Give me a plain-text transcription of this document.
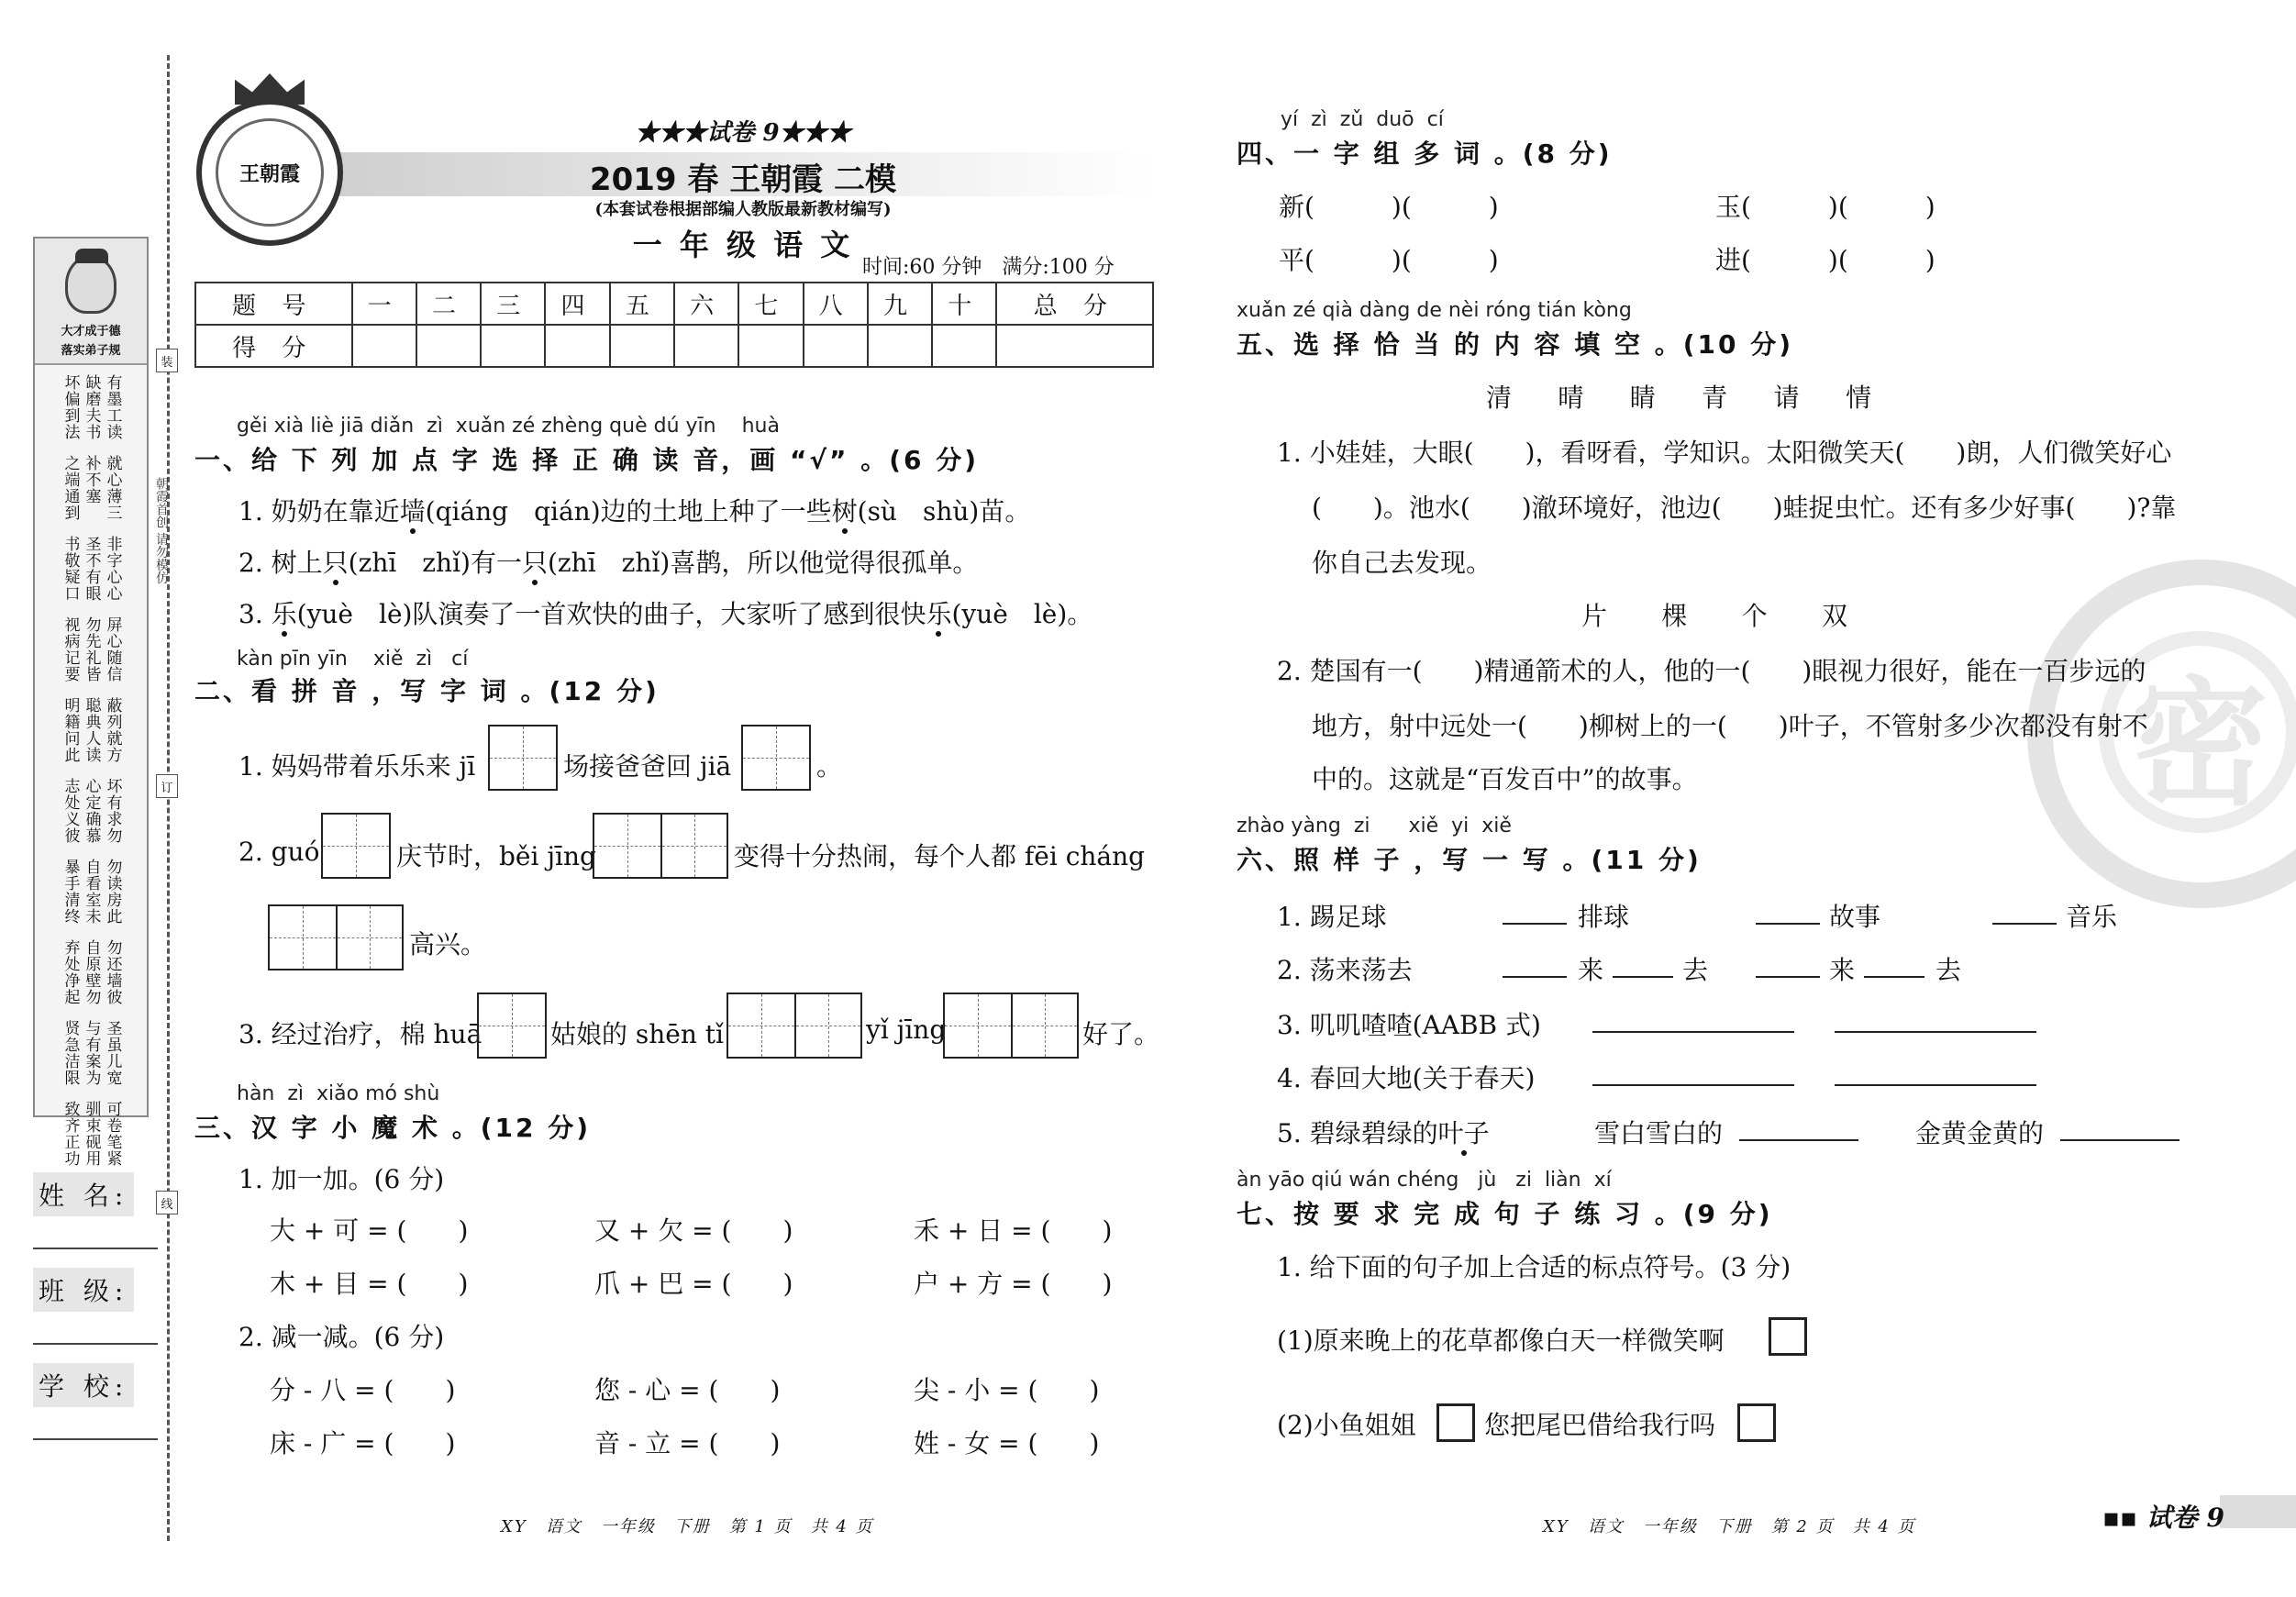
装
订
线
朝霞首创 请勿模仿
大才成于德
落实弟子规
有墨工读
缺磨夫书
坏偏到法
就心薄三
补不塞
之端通到
非字心心
圣不有眼
书敬疑口
屏心随信
勿先礼皆
视病记要
蔽列就方
聪典人读
明籍问此
坏有求勿
心定确慕
志处义彼
勿读房此
自看室未
暴手清终
勿还墙彼
自原壁勿
弃处净起
圣虽儿宽
与有案为
贤急洁限
可卷笔紧
驯束砚用
致齐正功
姓 名:
班 级:
学 校:
王朝霞
★★★试卷 9★★★
2019 春 王朝霞 二模
(本套试卷根据部编人教版最新教材编写)
一 年 级 语 文
时间:60 分钟　满分:100 分
题 号	一	二	三	四	五	六	七	八	九	十	总 分
得 分											
gěi xià liè jiā diǎn  zì  xuǎn zé zhèng què dú yīn    huà
一、给 下 列 加 点 字 选 择 正 确 读 音，画 “√” 。(6 分)
1. 奶奶在靠近墙(qiáng　qián)边的土地上种了一些树(sù　shù)苗。
2. 树上只(zhī　zhǐ)有一只(zhī　zhǐ)喜鹊，所以他觉得很孤单。
3. 乐(yuè　lè)队演奏了一首欢快的曲子，大家听了感到很快乐(yuè　lè)。
kàn pīn yīn    xiě  zì   cí
二、看 拼 音 ，写 字 词 。(12 分)
1. 妈妈带着乐乐来 jī	场接爸爸回 jiā	。
2. guó	庆节时，běi jīng	变得十分热闹，每个人都 fēi cháng
高兴。
3. 经过治疗，棉 huā	姑娘的 shēn tǐ	yǐ jīng	好了。
hàn  zì  xiǎo mó shù
三、汉 字 小 魔 术 。(12 分)
1. 加一加。(6 分)
大 + 可 = (　　)	又 + 欠 = (　　)	禾 + 日 = (　　)
木 + 目 = (　　)	爪 + 巴 = (　　)	户 + 方 = (　　)
2. 减一减。(6 分)
分 - 八 = (　　)	您 - 心 = (　　)	尖 - 小 = (　　)
床 - 广 = (　　)	音 - 立 = (　　)	姓 - 女 = (　　)
XY　语文　一年级　下册　第 1 页　共 4 页
密
yí  zì  zǔ  duō  cí
四、一 字 组 多 词 。(8 分)
新(　　　)(　　　)	玉(　　　)(　　　)
平(　　　)(　　　)	进(　　　)(　　　)
xuǎn zé qià dàng de nèi róng tián kòng
五、选 择 恰 当 的 内 容 填 空 。(10 分)
清 晴 睛 青 请 情
1. 小娃娃，大眼(　　)，看呀看，学知识。太阳微笑天(　　)朗，人们微笑好心
(　　)。池水(　　)澈环境好，池边(　　)蛙捉虫忙。还有多少好事(　　)?靠
你自己去发现。
片 棵 个 双
2. 楚国有一(　　)精通箭术的人，他的一(　　)眼视力很好，能在一百步远的
地方，射中远处一(　　)柳树上的一(　　)叶子，不管射多少次都没有射不
中的。这就是“百发百中”的故事。
zhào yàng  zi      xiě  yi  xiě
六、照 样 子 ，写 一 写 。(11 分)
1. 踢足球	排球	故事	音乐
2. 荡来荡去	来	去	来	去
3. 叽叽喳喳(AABB 式)
4. 春回大地(关于春天)
5. 碧绿碧绿的叶子	雪白雪白的	金黄金黄的
àn yāo qiú wán chéng   jù   zi  liàn  xí
七、按 要 求 完 成 句 子 练 习 。(9 分)
1. 给下面的句子加上合适的标点符号。(3 分)
(1)原来晚上的花草都像白天一样微笑啊
(2)小鱼姐姐	您把尾巴借给我行吗
XY　语文　一年级　下册　第 2 页　共 4 页	▪▪ 试卷 9
